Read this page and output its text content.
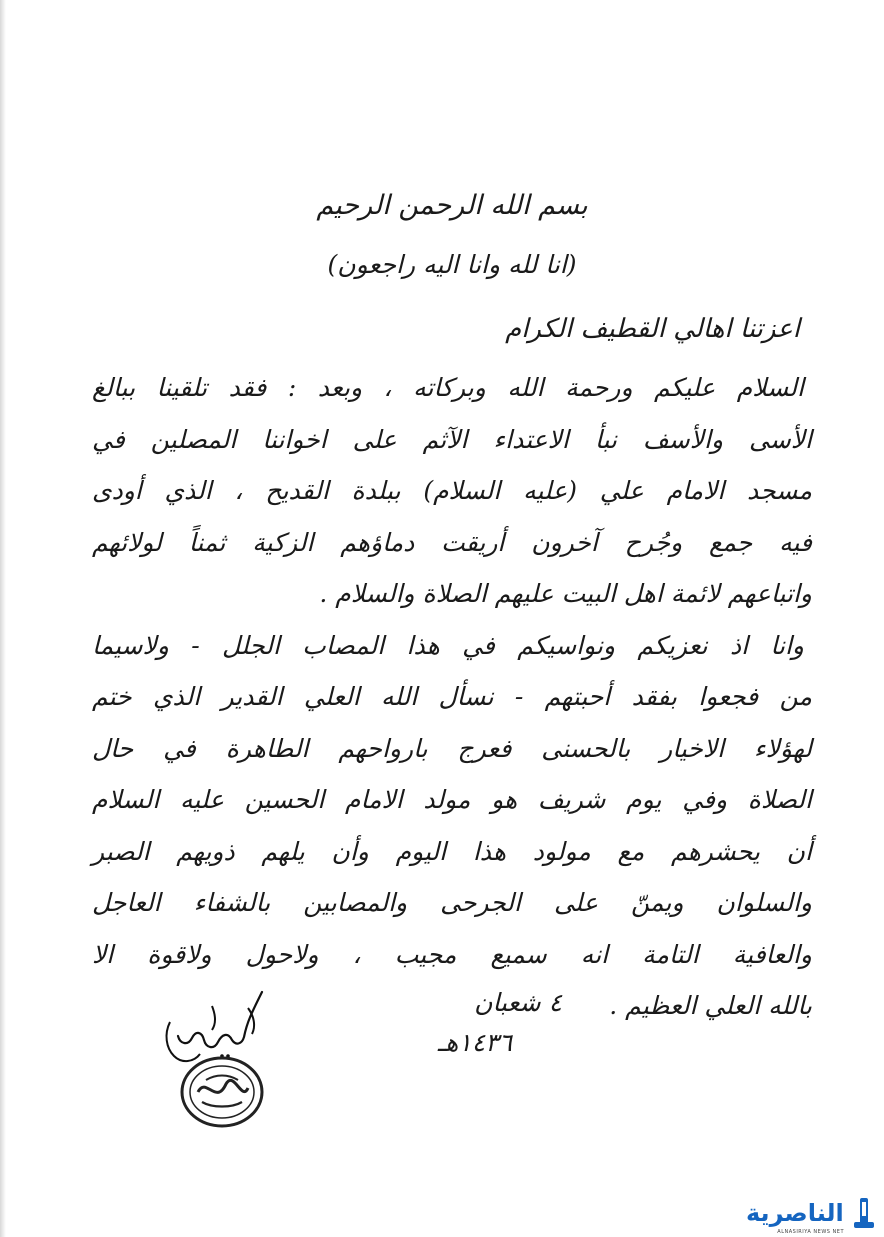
بسم الله الرحمن الرحيم
(انا لله وانا اليه راجعون)
اعزتنا اهالي القطيف الكرام
السلام عليكم ورحمة الله وبركاته ، وبعد : فقد تلقينا ببالغ
الأسى والأسف نبأ الاعتداء الآثم على اخواننا المصلين في
مسجد الامام علي (عليه السلام) ببلدة القديح ، الذي أودى
فيه جمع وجُرح آخرون أريقت دماؤهم الزكية ثمناً لولائهم
واتباعهم لائمة اهل البيت عليهم الصلاة والسلام .
وانا اذ نعزيكم ونواسيكم في هذا المصاب الجلل - ولاسيما
من فجعوا بفقد أحبتهم - نسأل الله العلي القدير الذي ختم
لهؤلاء الاخيار بالحسنى فعرج بارواحهم الطاهرة في حال
الصلاة وفي يوم شريف هو مولد الامام الحسين عليه السلام
أن يحشرهم مع مولود هذا اليوم وأن يلهم ذويهم الصبر
والسلوان ويمنّ على الجرحى والمصابين بالشفاء العاجل
والعافية التامة انه سميع مجيب ، ولاحول ولاقوة الا
بالله العلي العظيم .
٤ شعبان
١٤٣٦هـ
الناصرية
ALNASIRIYA NEWS NET
